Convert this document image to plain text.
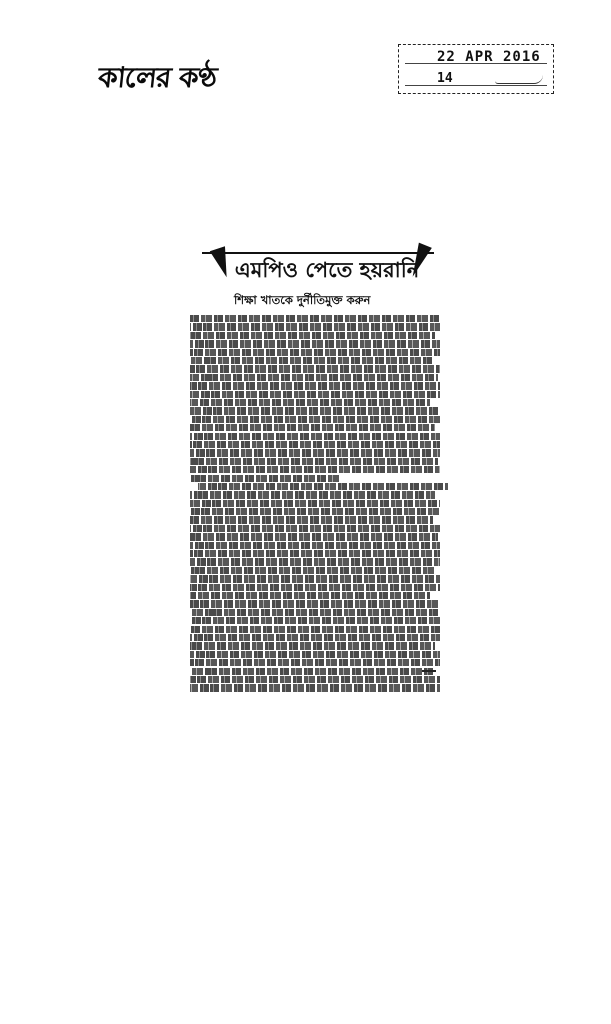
কালের কণ্ঠ
22 APR 2016
14
এমপিও পেতে হয়রানি
শিক্ষা খাতকে দুর্নীতিমুক্ত করুন
